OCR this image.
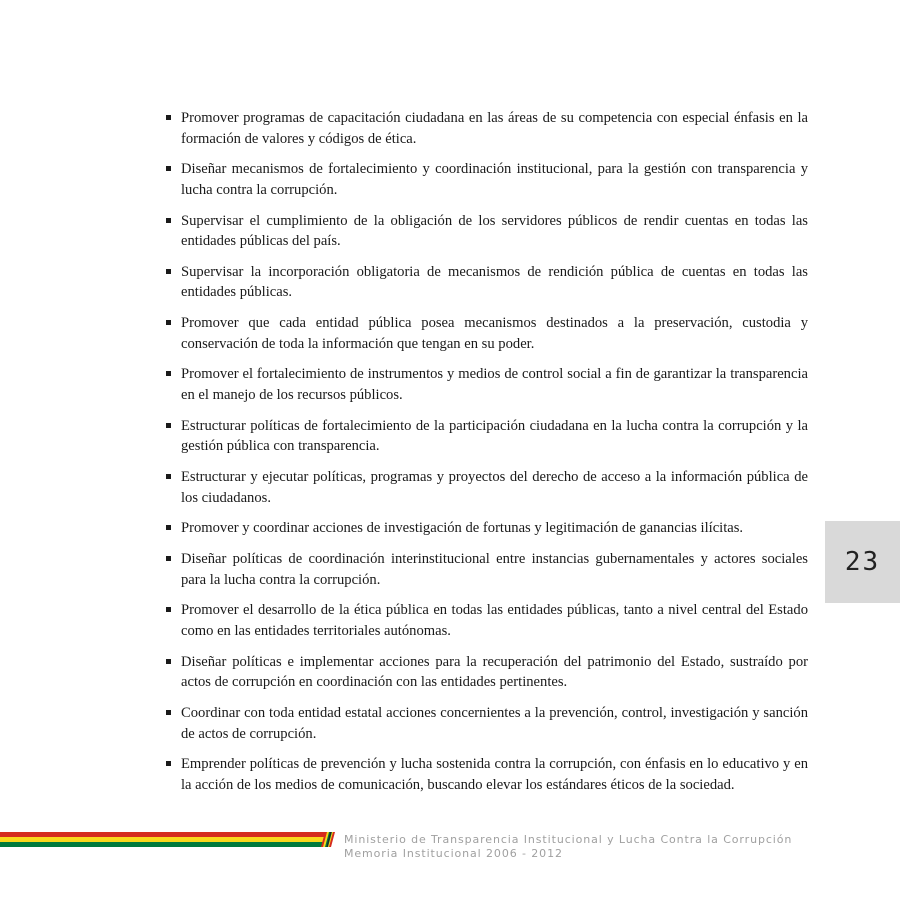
Promover programas de capacitación ciudadana en las áreas de su competencia con especial énfasis en la formación de valores y códigos de ética.
Diseñar mecanismos de fortalecimiento y coordinación institucional, para la gestión con transparencia y lucha contra la corrupción.
Supervisar el cumplimiento de la obligación de los servidores públicos de rendir cuentas en todas las entidades públicas del país.
Supervisar la incorporación obligatoria de mecanismos de rendición pública de cuentas en todas las entidades públicas.
Promover que cada entidad pública posea mecanismos destinados a la preservación, custodia y conservación de toda la información que tengan en su poder.
Promover el fortalecimiento de instrumentos y medios de control social a fin de garantizar la transparencia en el manejo de los recursos públicos.
Estructurar políticas de fortalecimiento de la participación ciudadana en la lucha contra la corrupción y la gestión pública con transparencia.
Estructurar y ejecutar políticas, programas y proyectos del derecho de acceso a la información pública de los ciudadanos.
Promover y coordinar acciones de investigación de fortunas y legitimación de ganancias ilícitas.
Diseñar políticas de coordinación interinstitucional entre instancias gubernamentales y actores sociales para la lucha contra la corrupción.
Promover el desarrollo de la ética pública en todas las entidades públicas, tanto a nivel central del Estado como en las entidades territoriales autónomas.
Diseñar políticas e implementar acciones para la recuperación del patrimonio del Estado, sustraído por actos de corrupción en coordinación con las entidades pertinentes.
Coordinar con toda entidad estatal acciones concernientes a la prevención, control, investigación y sanción de actos de corrupción.
Emprender políticas de prevención y lucha sostenida contra la corrupción, con énfasis en lo educativo y en la acción de los medios de comunicación, buscando elevar los estándares éticos de la sociedad.
23
Ministerio de Transparencia Institucional y Lucha Contra la Corrupción
Memoria Institucional 2006 - 2012
